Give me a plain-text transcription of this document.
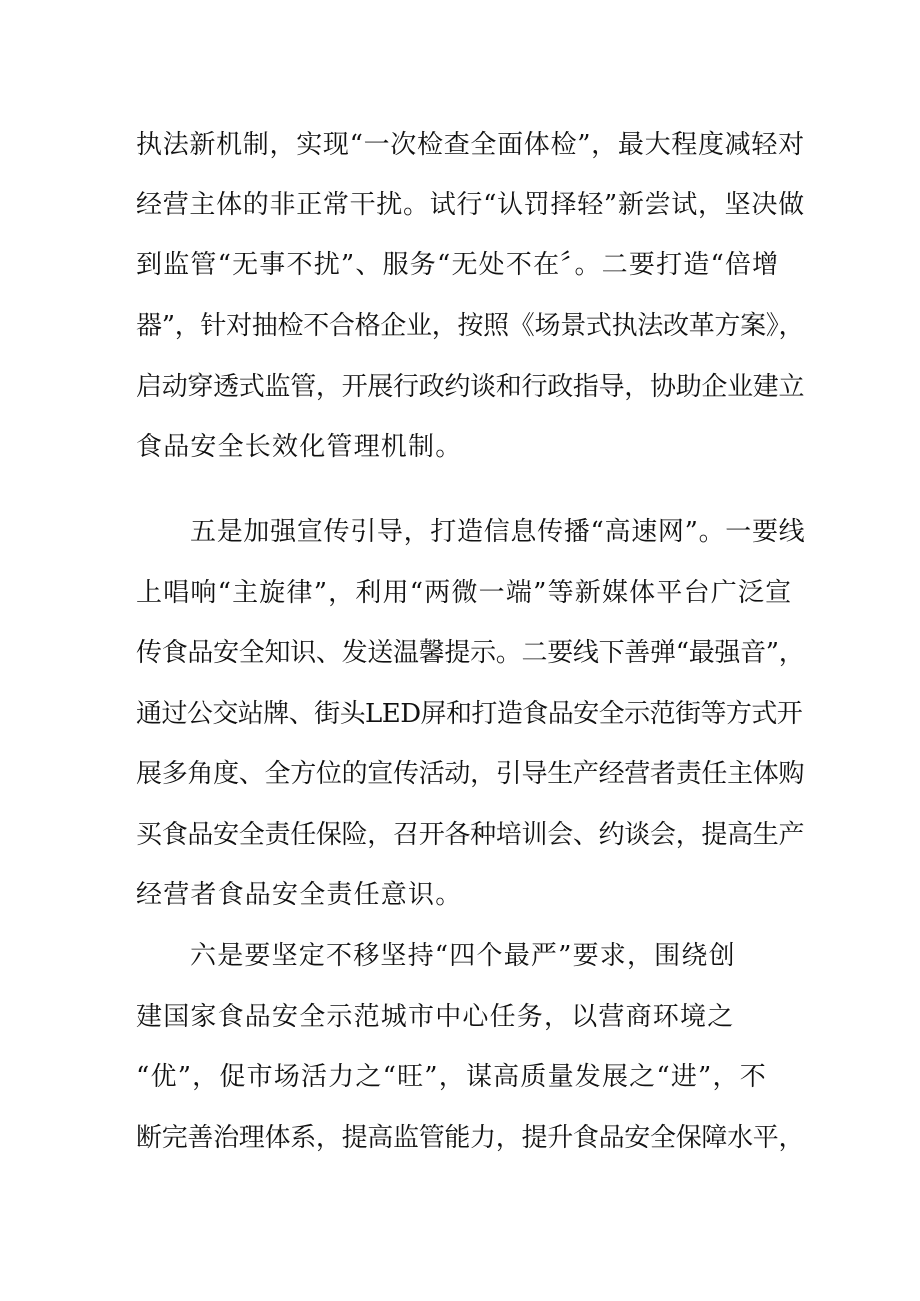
执法新机制，实现“一次检查全面体检”，最大程度减轻对
经营主体的非正常干扰。试行“认罚择轻”新尝试，坚决做
到监管“无事不扰”、服务“无处不在〞。二要打造“倍增
器”，针对抽检不合格企业，按照《场景式执法改革方案》，
启动穿透式监管，开展行政约谈和行政指导，协助企业建立
食品安全长效化管理机制。
五是加强宣传引导，打造信息传播“高速网”。一要线
上唱响“主旋律”，利用“两微一端”等新媒体平台广泛宣
传食品安全知识、发送温馨提示。二要线下善弹“最强音”，
通过公交站牌、街头LED屏和打造食品安全示范街等方式开
展多角度、全方位的宣传活动，引导生产经营者责任主体购
买食品安全责任保险，召开各种培训会、约谈会，提高生产
经营者食品安全责任意识。
六是要坚定不移坚持“四个最严”要求，围绕创
建国家食品安全示范城市中心任务，以营商环境之
“优”，促市场活力之“旺”，谋高质量发展之“进”，不
断完善治理体系，提高监管能力，提升食品安全保障水平，
